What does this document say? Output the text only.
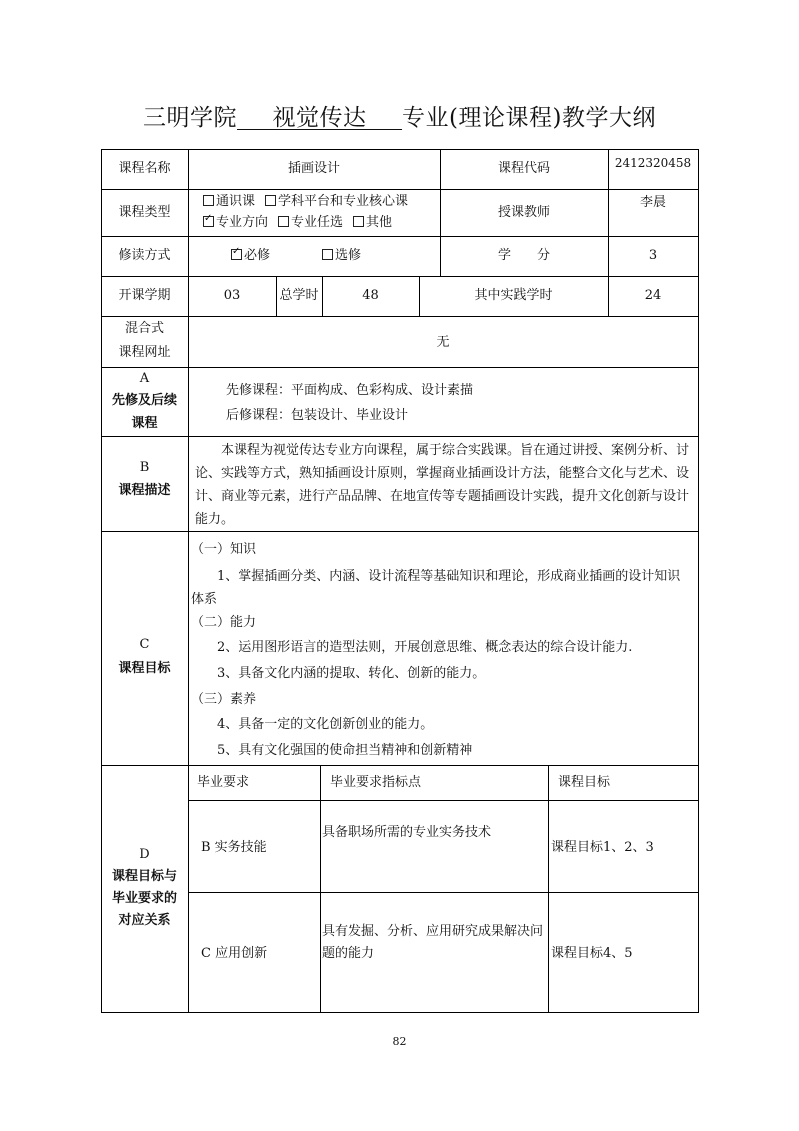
三明学院   视觉传达   专业(理论课程)教学大纲
课程名称	插画设计	课程代码	2412320458
课程类型
通识课 学科平台和专业核心课
✓专业方向 专业任选 其他
授课教师
李晨
修读方式
✓	必修	选修	学　　分	3
开课学期	03	总学时	48	其中实践学时	24
混合式
课程网址
无
A
先修及后续
课程
先修课程：平面构成、色彩构成、设计素描
后修课程：包装设计、毕业设计
B
课程描述
本课程为视觉传达专业方向课程，属于综合实践课。旨在通过讲授、案例分析、讨论、实践等方式，熟知插画设计原则，掌握商业插画设计方法，能整合文化与艺术、设计、商业等元素，进行产品品牌、在地宣传等专题插画设计实践，提升文化创新与设计能力。
C
课程目标
（一）知识
1、掌握插画分类、内涵、设计流程等基础知识和理论，形成商业插画的设计知识体系
（二）能力
2、运用图形语言的造型法则，开展创意思维、概念表达的综合设计能力.
3、具备文化内涵的提取、转化、创新的能力。
（三）素养
4、具备一定的文化创新创业的能力。
5、具有文化强国的使命担当精神和创新精神
D
课程目标与
毕业要求的
对应关系
毕业要求	毕业要求指标点	课程目标
B 实务技能
具备职场所需的专业实务技术
课程目标1、2、3
C 应用创新
具有发掘、分析、应用研究成果解决问题的能力	课程目标4、5
82
